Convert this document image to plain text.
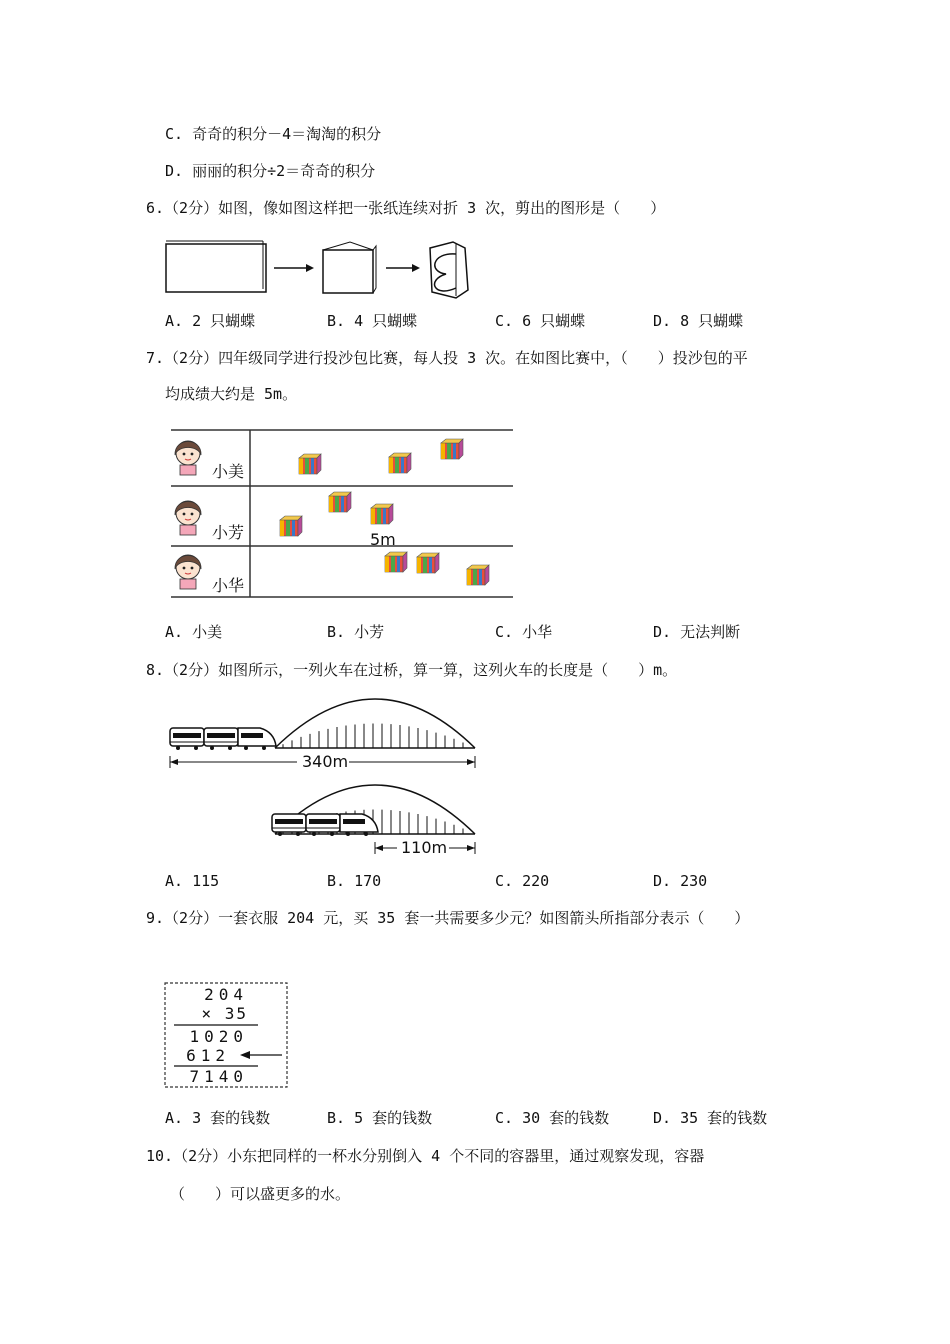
C. 奇奇的积分－4＝淘淘的积分
D. 丽丽的积分÷2＝奇奇的积分
6.（2分）如图，像如图这样把一张纸连续对折 3 次，剪出的图形是（　　）
A. 2 只蝴蝶	B. 4 只蝴蝶	C. 6 只蝴蝶	D. 8 只蝴蝶
7.（2分）四年级同学进行投沙包比赛，每人投 3 次。在如图比赛中，（　　）投沙包的平
均成绩大约是 5m。
小美
小芳
小华
5m
A. 小美	B. 小芳	C. 小华	D. 无法判断
8.（2分）如图所示，一列火车在过桥，算一算，这列火车的长度是（　　）m。
340m
110m
A. 115	B. 170	C. 220	D. 230
9.（2分）一套衣服 204 元，买 35 套一共需要多少元？如图箭头所指部分表示（　　）
204
× 35
1020
612
7140
A. 3 套的钱数	B. 5 套的钱数	C. 30 套的钱数	D. 35 套的钱数
10.（2分）小东把同样的一杯水分别倒入 4 个不同的容器里，通过观察发现，容器
（　　）可以盛更多的水。
